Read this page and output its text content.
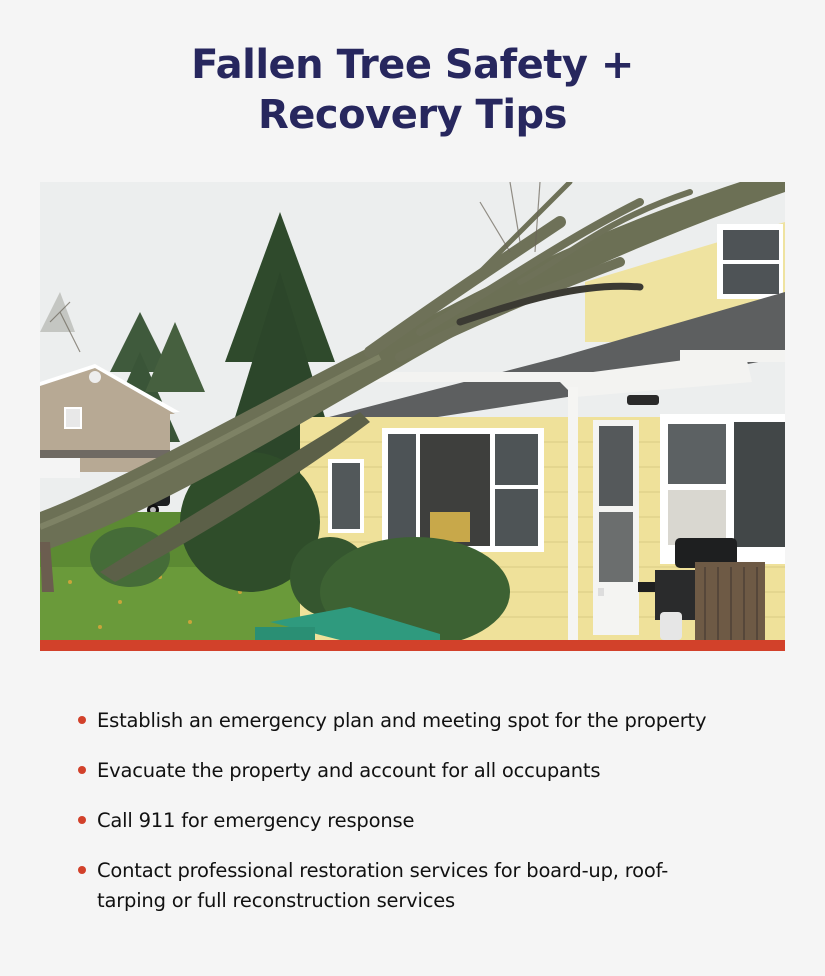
Fallen Tree Safety +
Recovery Tips
Establish an emergency plan and meeting spot for the property
Evacuate the property and account for all occupants
Call 911 for emergency response
Contact professional restoration services for board-up, roof-tarping or full reconstruction services
